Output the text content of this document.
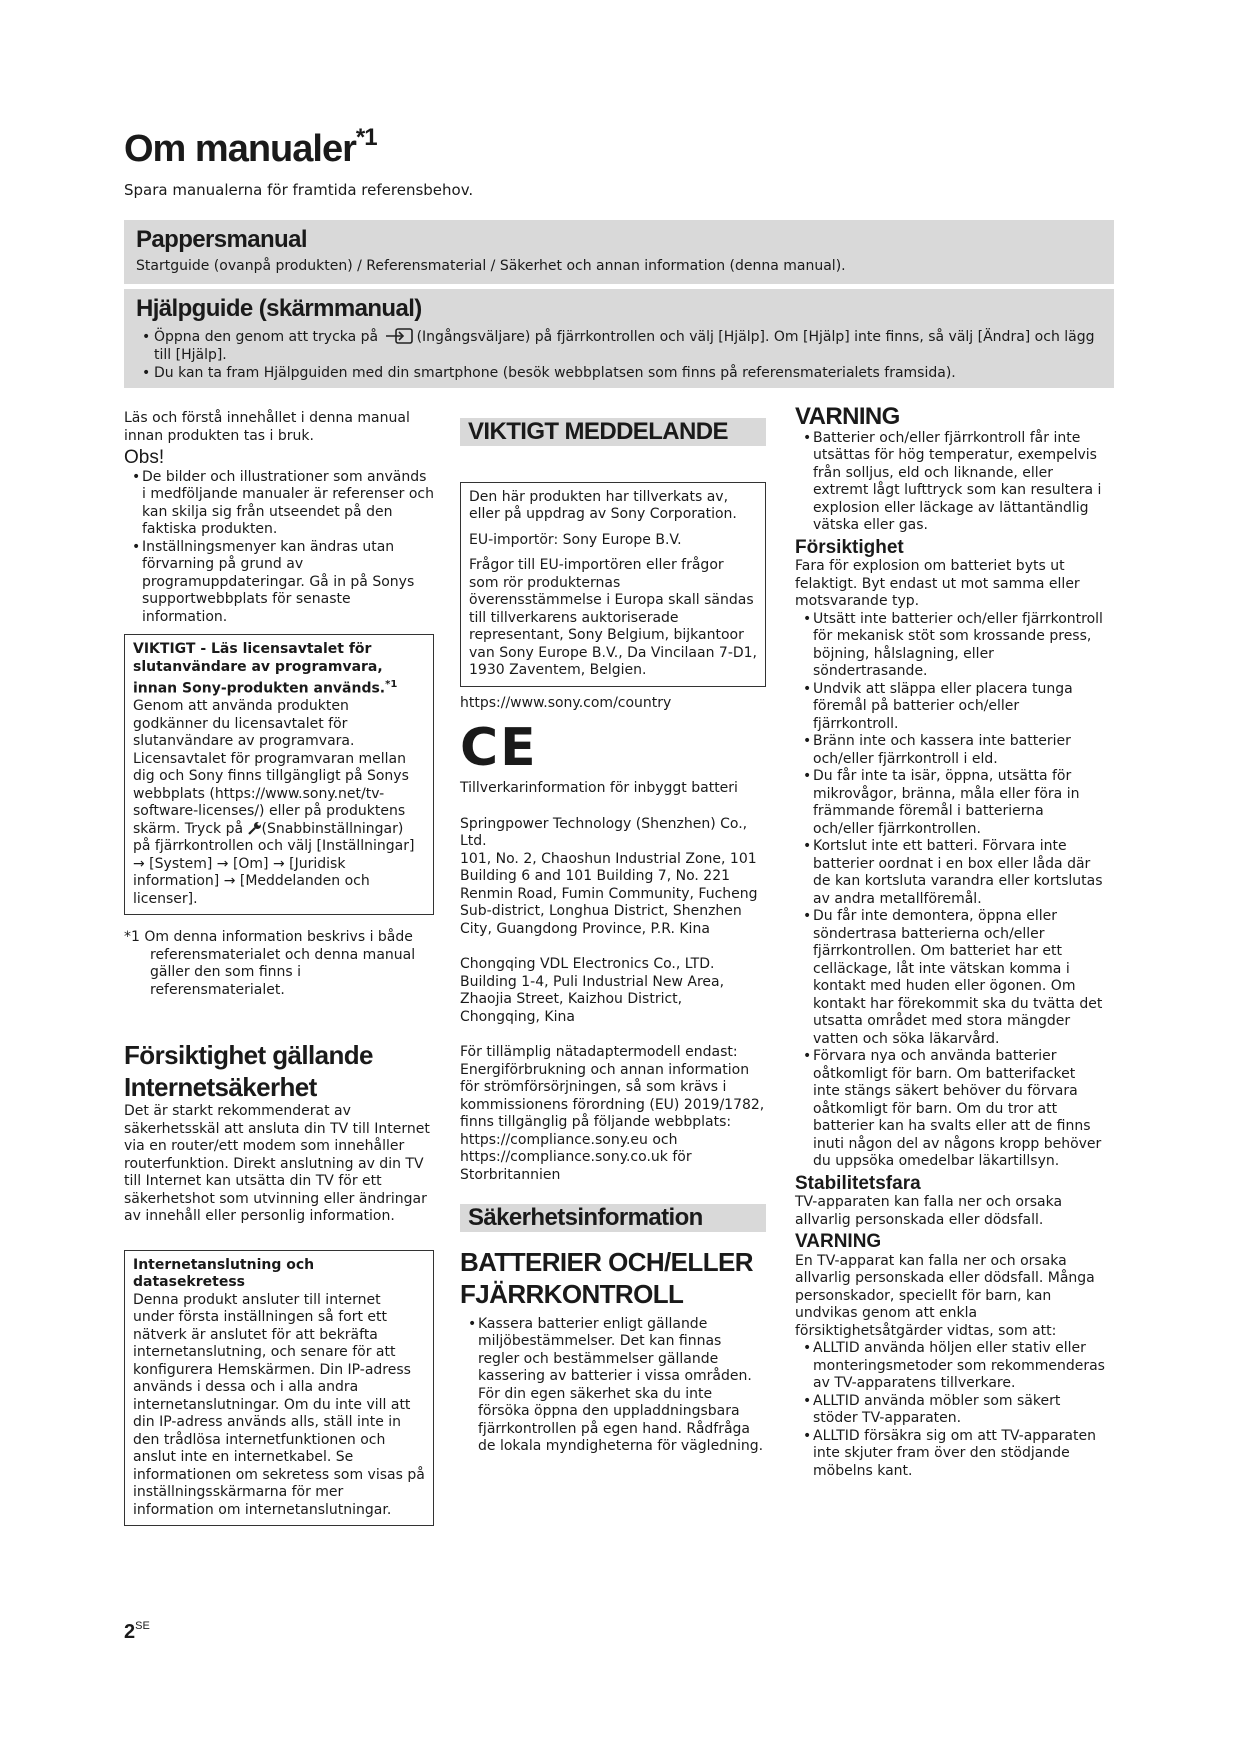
Om manualer$^{*1}$
Spara manualerna för framtida referensbehov.
Pappersmanual

Startguide (ovanpå produkten) / Referensmaterial / Säkerhet och annan information (denna manual).

Hjälpguide (skärmmanual)
• Öppna den genom att trycka på (Ingångsväljare) på fjärrkontrollen och välj [Hjälp]. Om [Hjälp] inte finns, så välj [Ändra] och lägg till [Hjälp].
• Du kan ta fram Hjälpguiden med din smartphone (besök webbplatsen som finns på referensmaterialets framsida).

Läs och förstå innehållet i denna manual innan produkten tas i bruk.

Obs!
• De bilder och illustrationer som används i medföljande manualer är referenser och kan skilja sig från utseendet på den faktiska produkten.
• Inställningsmenyer kan ändras utan förvarning på grund av programuppdateringar. Gå in på Sonys supportwebbplats för senaste information.
VIKTIGT - Läs licensavtalet för slutanvändare av programvara, innan Sony-produkten används.$^{*1}$ Genom att använda produkten godkänner du licensavtalet för slutanvändare av programvara. Licensavtalet för programvaran mellan dig och Sony finns tillgängligt på Sonys webbplats (https://www.sony.net/tv-software-licenses/) eller på produktens skärm. Tryck på (Snabbinställningar) på fjärrkontrollen och välj [Inställningar] → [System] → [Om] → [Juridisk information] → [Meddelanden och licenser].

*1 Om denna information beskrivs i både referensmaterialet och denna manual gäller den som finns i referensmaterialet.

Försiktighet gällande Internetsäkerhet

Det är starkt rekommenderat av säkerhetsskäl att ansluta din TV till Internet via en router/ett modem som innehåller routerfunktion. Direkt anslutning av din TV till Internet kan utsätta din TV för ett säkerhetshot som utvinning eller ändringar av innehåll eller personlig information.

Internetanslutning och datasekretess

Denna produkt ansluter till internet under första inställningen så fort ett nätverk är anslutet för att bekräfta internetanslutning, och senare för att konfigurera Hemskärmen. Din IP-adress används i dessa och i alla andra internetanslutningar. Om du inte vill att din IP-adress används alls, ställ inte in den trådlösa internetfunktionen och anslut inte en internetkabel. Se informationen om sekretess som visas på inställningsskärmarna för mer information om internetanslutningar.

VIKTIGT MEDDELANDE

Den här produkten har tillverkats av, eller på uppdrag av Sony Corporation.

EU-importör: Sony Europe B.V.

Frågor till EU-importören eller frågor som rör produkternas överensstämmelse i Europa skall sändas till tillverkarens auktoriserade representant, Sony Belgium, bijkantoor van Sony Europe B.V., Da Vincilaan 7-D1, 1930 Zaventem, Belgien.

https://www.sony.com/country

CE

Tillverkarinformation för inbyggt batteri

Springpower Technology (Shenzhen) Co., Ltd.

101, No. 2, Chaoshun Industrial Zone, 101 Building 6 and 101 Building 7, No. 221 Renmin Road, Fumin Community, Fucheng Sub-district, Longhua District, Shenzhen City, Guangdong Province, P.R. Kina

Chongqing VDL Electronics Co., LTD. Building 1-4, Puli Industrial New Area, Zhaojia Street, Kaizhou District, Chongqing, Kina

För tillämplig nätadaptermodell endast: Energiförbrukning och annan information för strömförsörjningen, så som krävs i kommissionens förordning (EU) 2019/1782, finns tillgänglig på följande webbplats: https://compliance.sony.eu och https://compliance.sony.co.uk för Storbritannien

Säkerhetsinformation
BATTERIER OCH/ELLER FJÄRRKONTROLL
• Kassera batterier enligt gällande miljöbestämmelser. Det kan finnas regler och bestämmelser gällande kassering av batterier i vissa områden. För din egen säkerhet ska du inte försöka öppna den uppladdningsbara fjärrkontrollen på egen hand. Rådfråga de lokala myndigheterna för vägledning.
VARNING
• Batterier och/eller fjärrkontroll får inte utsättas för hög temperatur, exempelvis från solljus, eld och liknande, eller extremt lågt lufttryck som kan resultera i explosion eller läckage av lättantändlig vätska eller gas.
Försiktighet

Fara för explosion om batteriet byts ut felaktigt. Byt endast ut mot samma eller motsvarande typ.

• Utsätt inte batterier och/eller fjärrkontroll för mekanisk stöt som krossande press, böjning, hålslagning, eller söndertrasande.
• Undvik att släppa eller placera tunga föremål på batterier och/eller fjärrkontroll.
• Bränn inte och kassera inte batterier och/eller fjärrkontroll i eld.
• Du får inte ta isär, öppna, utsätta för mikrovågor, bränna, måla eller föra in främmande föremål i batterierna och/eller fjärrkontrollen.
• Kortslut inte ett batteri. Förvara inte batterier oordnat i en box eller låda där de kan kortsluta varandra eller kortslutas av andra metallföremål.
• Du får inte demontera, öppna eller söndertrasa batterierna och/eller fjärrkontrollen. Om batteriet har ett celläckage, låt inte vätskan komma i kontakt med huden eller ögonen. Om kontakt har förekommit ska du tvätta det utsatta området med stora mängder vatten och söka läkarvård.
• Förvara nya och använda batterier oåtkomligt för barn. Om batterifacket inte stängs säkert behöver du förvara oåtkomligt för barn. Om du tror att batterier kan ha svalts eller att de finns inuti någon del av någons kropp behöver du uppsöka omedelbar läkartillsyn.
Stabilitetsfara

TV-apparaten kan falla ner och orsaka allvarlig personskada eller dödsfall.

VARNING

En TV-apparat kan falla ner och orsaka allvarlig personskada eller dödsfall. Många personskador, speciellt för barn, kan undvikas genom att enkla försiktighetsåtgärder vidtas, som att:

• ALLTID använda höljen eller stativ eller monteringsmetoder som rekommenderas av TV-apparatens tillverkare.
• ALLTID använda möbler som säkert stöder TV-apparaten.
• ALLTID försäkra sig om att TV-apparaten inte skjuter fram över den stödjande möbelns kant.
$2^{SE}$
